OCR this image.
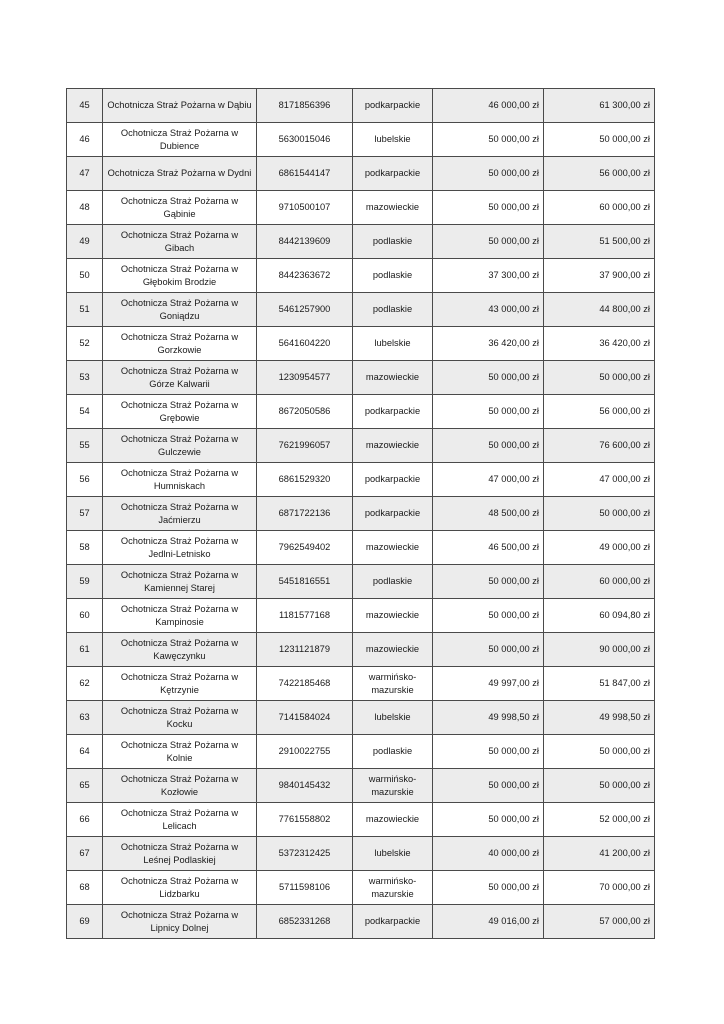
45	Ochotnicza Straż Pożarna w Dąbiu	8171856396	podkarpackie	46 000,00 zł	61 300,00 zł
46	Ochotnicza Straż Pożarna w Dubience	5630015046	lubelskie	50 000,00 zł	50 000,00 zł
47	Ochotnicza Straż Pożarna w Dydni	6861544147	podkarpackie	50 000,00 zł	56 000,00 zł
48	Ochotnicza Straż Pożarna w Gąbinie	9710500107	mazowieckie	50 000,00 zł	60 000,00 zł
49	Ochotnicza Straż Pożarna w Gibach	8442139609	podlaskie	50 000,00 zł	51 500,00 zł
50	Ochotnicza Straż Pożarna w Głębokim Brodzie	8442363672	podlaskie	37 300,00 zł	37 900,00 zł
51	Ochotnicza Straż Pożarna w Goniądzu	5461257900	podlaskie	43 000,00 zł	44 800,00 zł
52	Ochotnicza Straż Pożarna w Gorzkowie	5641604220	lubelskie	36 420,00 zł	36 420,00 zł
53	Ochotnicza Straż Pożarna w Górze Kalwarii	1230954577	mazowieckie	50 000,00 zł	50 000,00 zł
54	Ochotnicza Straż Pożarna w Grębowie	8672050586	podkarpackie	50 000,00 zł	56 000,00 zł
55	Ochotnicza Straż Pożarna w Gulczewie	7621996057	mazowieckie	50 000,00 zł	76 600,00 zł
56	Ochotnicza Straż Pożarna w Humniskach	6861529320	podkarpackie	47 000,00 zł	47 000,00 zł
57	Ochotnicza Straż Pożarna w Jaćmierzu	6871722136	podkarpackie	48 500,00 zł	50 000,00 zł
58	Ochotnicza Straż Pożarna w Jedlni-Letnisko	7962549402	mazowieckie	46 500,00 zł	49 000,00 zł
59	Ochotnicza Straż Pożarna w Kamiennej Starej	5451816551	podlaskie	50 000,00 zł	60 000,00 zł
60	Ochotnicza Straż Pożarna w Kampinosie	1181577168	mazowieckie	50 000,00 zł	60 094,80 zł
61	Ochotnicza Straż Pożarna w Kawęczynku	1231121879	mazowieckie	50 000,00 zł	90 000,00 zł
62	Ochotnicza Straż Pożarna w Kętrzynie	7422185468	warmińsko-mazurskie	49 997,00 zł	51 847,00 zł
63	Ochotnicza Straż Pożarna w Kocku	7141584024	lubelskie	49 998,50 zł	49 998,50 zł
64	Ochotnicza Straż Pożarna w Kolnie	2910022755	podlaskie	50 000,00 zł	50 000,00 zł
65	Ochotnicza Straż Pożarna w Kozłowie	9840145432	warmińsko-mazurskie	50 000,00 zł	50 000,00 zł
66	Ochotnicza Straż Pożarna w Lelicach	7761558802	mazowieckie	50 000,00 zł	52 000,00 zł
67	Ochotnicza Straż Pożarna w Leśnej Podlaskiej	5372312425	lubelskie	40 000,00 zł	41 200,00 zł
68	Ochotnicza Straż Pożarna w Lidzbarku	5711598106	warmińsko-mazurskie	50 000,00 zł	70 000,00 zł
69	Ochotnicza Straż Pożarna w Lipnicy Dolnej	6852331268	podkarpackie	49 016,00 zł	57 000,00 zł
